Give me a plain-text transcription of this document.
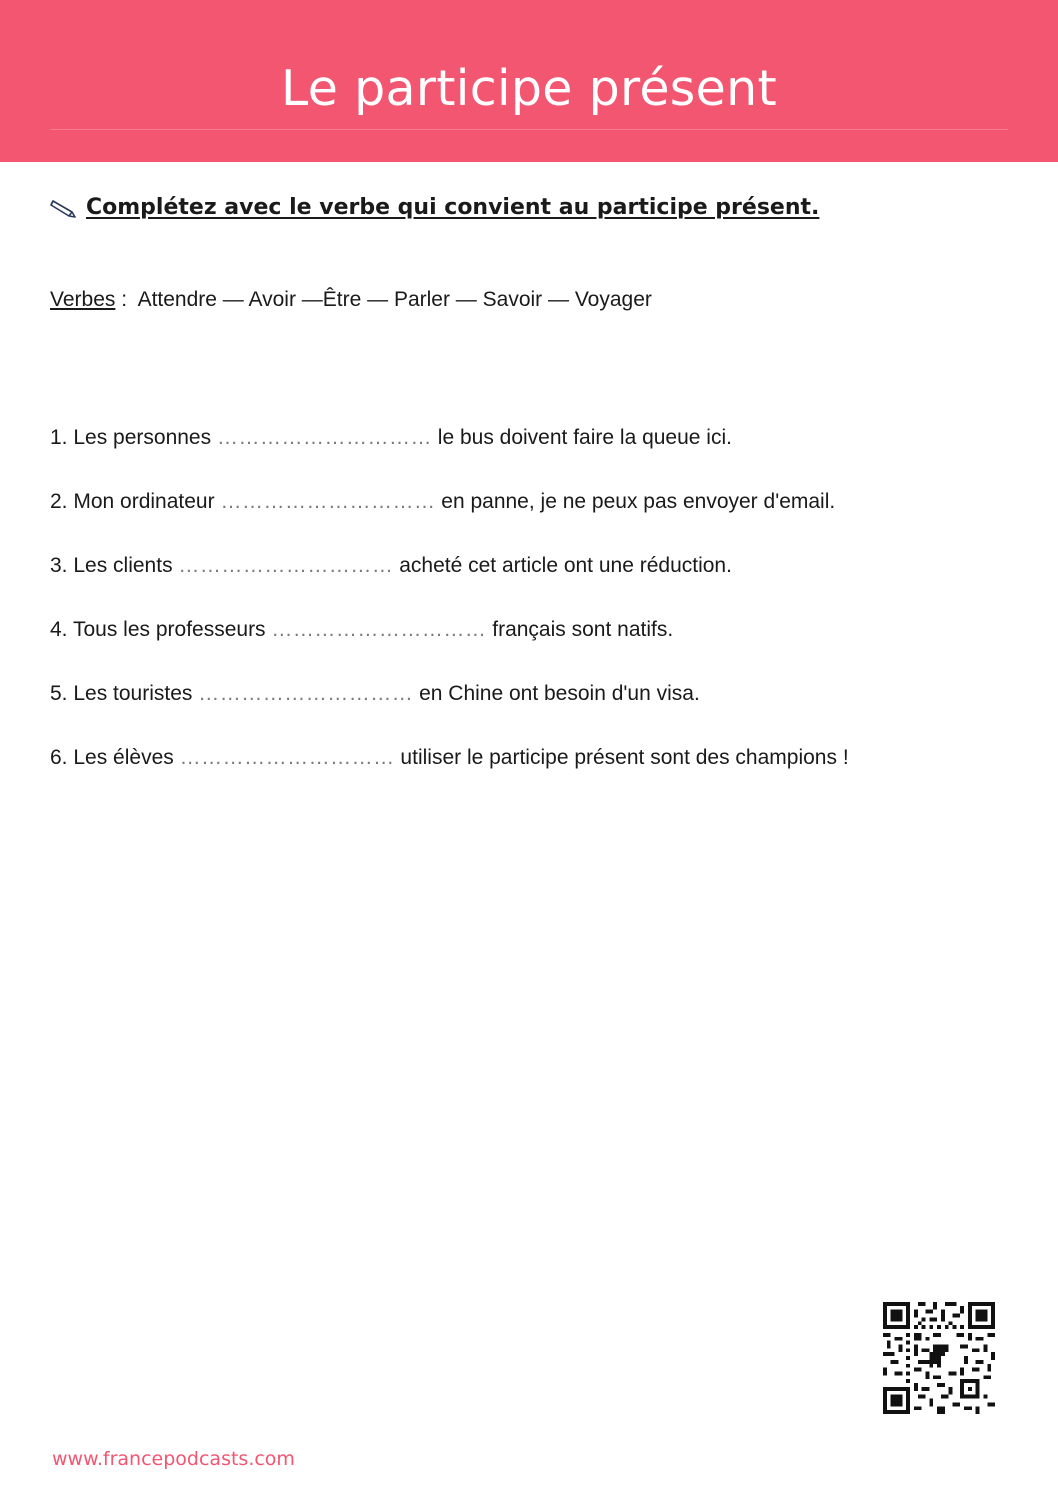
Le participe présent
Complétez avec le verbe qui convient au participe présent.
Verbes :  Attendre — Avoir —Être — Parler — Savoir — Voyager
1. Les personnes ………………………… le bus doivent faire la queue ici.
2. Mon ordinateur ………………………… en panne, je ne peux pas envoyer d'email.
3. Les clients ………………………… acheté cet article ont une réduction.
4. Tous les professeurs ………………………… français sont natifs.
5. Les touristes ………………………… en Chine ont besoin d'un visa.
6. Les élèves ………………………… utiliser le participe présent sont des champions !
www.francepodcasts.com
